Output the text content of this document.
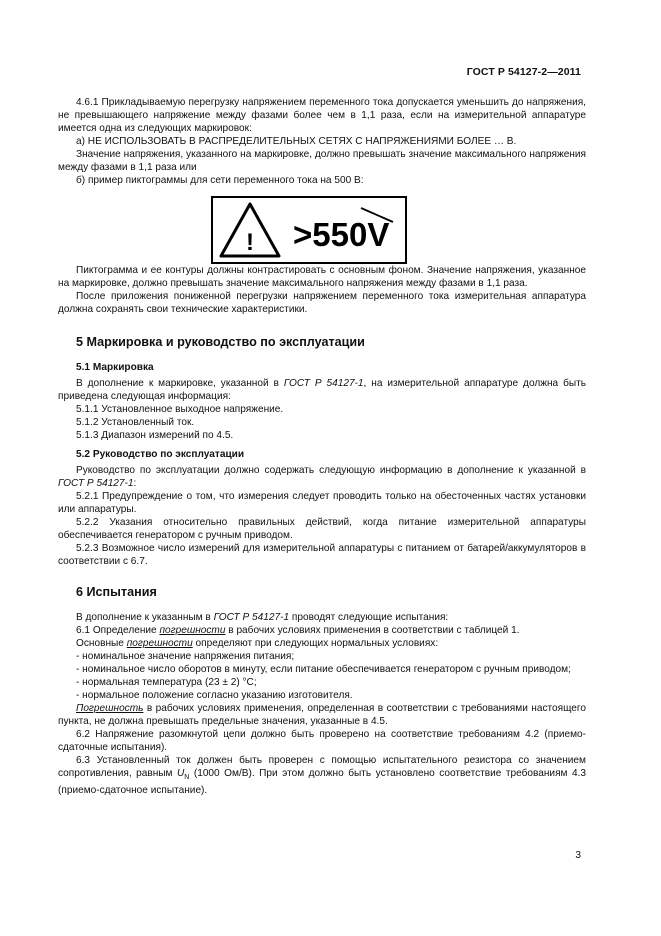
ГОСТ Р 54127-2—2011

4.6.1 Прикладываемую перегрузку напряжением переменного тока допускается уменьшить до напряжения, не превышающего напряжение между фазами более чем в 1,1 раза, если на измерительной аппаратуре имеется одна из следующих маркировок:

а) НЕ ИСПОЛЬЗОВАТЬ В РАСПРЕДЕЛИТЕЛЬНЫХ СЕТЯХ С НАПРЯЖЕНИЯМИ БОЛЕЕ … В.

Значение напряжения, указанного на маркировке, должно превышать значение максимального напряжения между фазами в 1,1 раза или

б) пример пиктограммы для сети переменного тока на 500 В:

! >550V

Пиктограмма и ее контуры должны контрастировать с основным фоном. Значение напряжения, указанное на маркировке, должно превышать значение максимального напряжения между фазами в 1,1 раза.

После приложения пониженной перегрузки напряжением переменного тока измерительная аппаратура должна сохранять свои технические характеристики.

5 Маркировка и руководство по эксплуатации
5.1 Маркировка

В дополнение к маркировке, указанной в ГОСТ Р 54127-1, на измерительной аппаратуре должна быть приведена следующая информация:

5.1.1 Установленное выходное напряжение.

5.1.2 Установленный ток.

5.1.3 Диапазон измерений по 4.5.

5.2 Руководство по эксплуатации

Руководство по эксплуатации должно содержать следующую информацию в дополнение к указанной в ГОСТ Р 54127-1:

5.2.1 Предупреждение о том, что измерения следует проводить только на обесточенных частях установки или аппаратуры.

5.2.2 Указания относительно правильных действий, когда питание измерительной аппаратуры обеспечивается генератором с ручным приводом.

5.2.3 Возможное число измерений для измерительной аппаратуры с питанием от батарей/аккумуляторов в соответствии с 6.7.

6 Испытания

В дополнение к указанным в ГОСТ Р 54127-1 проводят следующие испытания:

6.1 Определение погрешности в рабочих условиях применения в соответствии с таблицей 1.

Основные погрешности определяют при следующих нормальных условиях:

- номинальное значение напряжения питания;

- номинальное число оборотов в минуту, если питание обеспечивается генератором с ручным приводом;

- нормальная температура (23 ± 2) °C;

- нормальное положение согласно указанию изготовителя.

Погрешность в рабочих условиях применения, определенная в соответствии с требованиями настоящего пункта, не должна превышать предельные значения, указанные в 4.5.

6.2 Напряжение разомкнутой цепи должно быть проверено на соответствие требованиям 4.2 (приемо-сдаточные испытания).

6.3 Установленный ток должен быть проверен с помощью испытательного резистора со значением сопротивления, равным $U_N$ (1000 Ом/В). При этом должно быть установлено соответствие требованиям 4.3 (приемо-сдаточное испытание).

3
